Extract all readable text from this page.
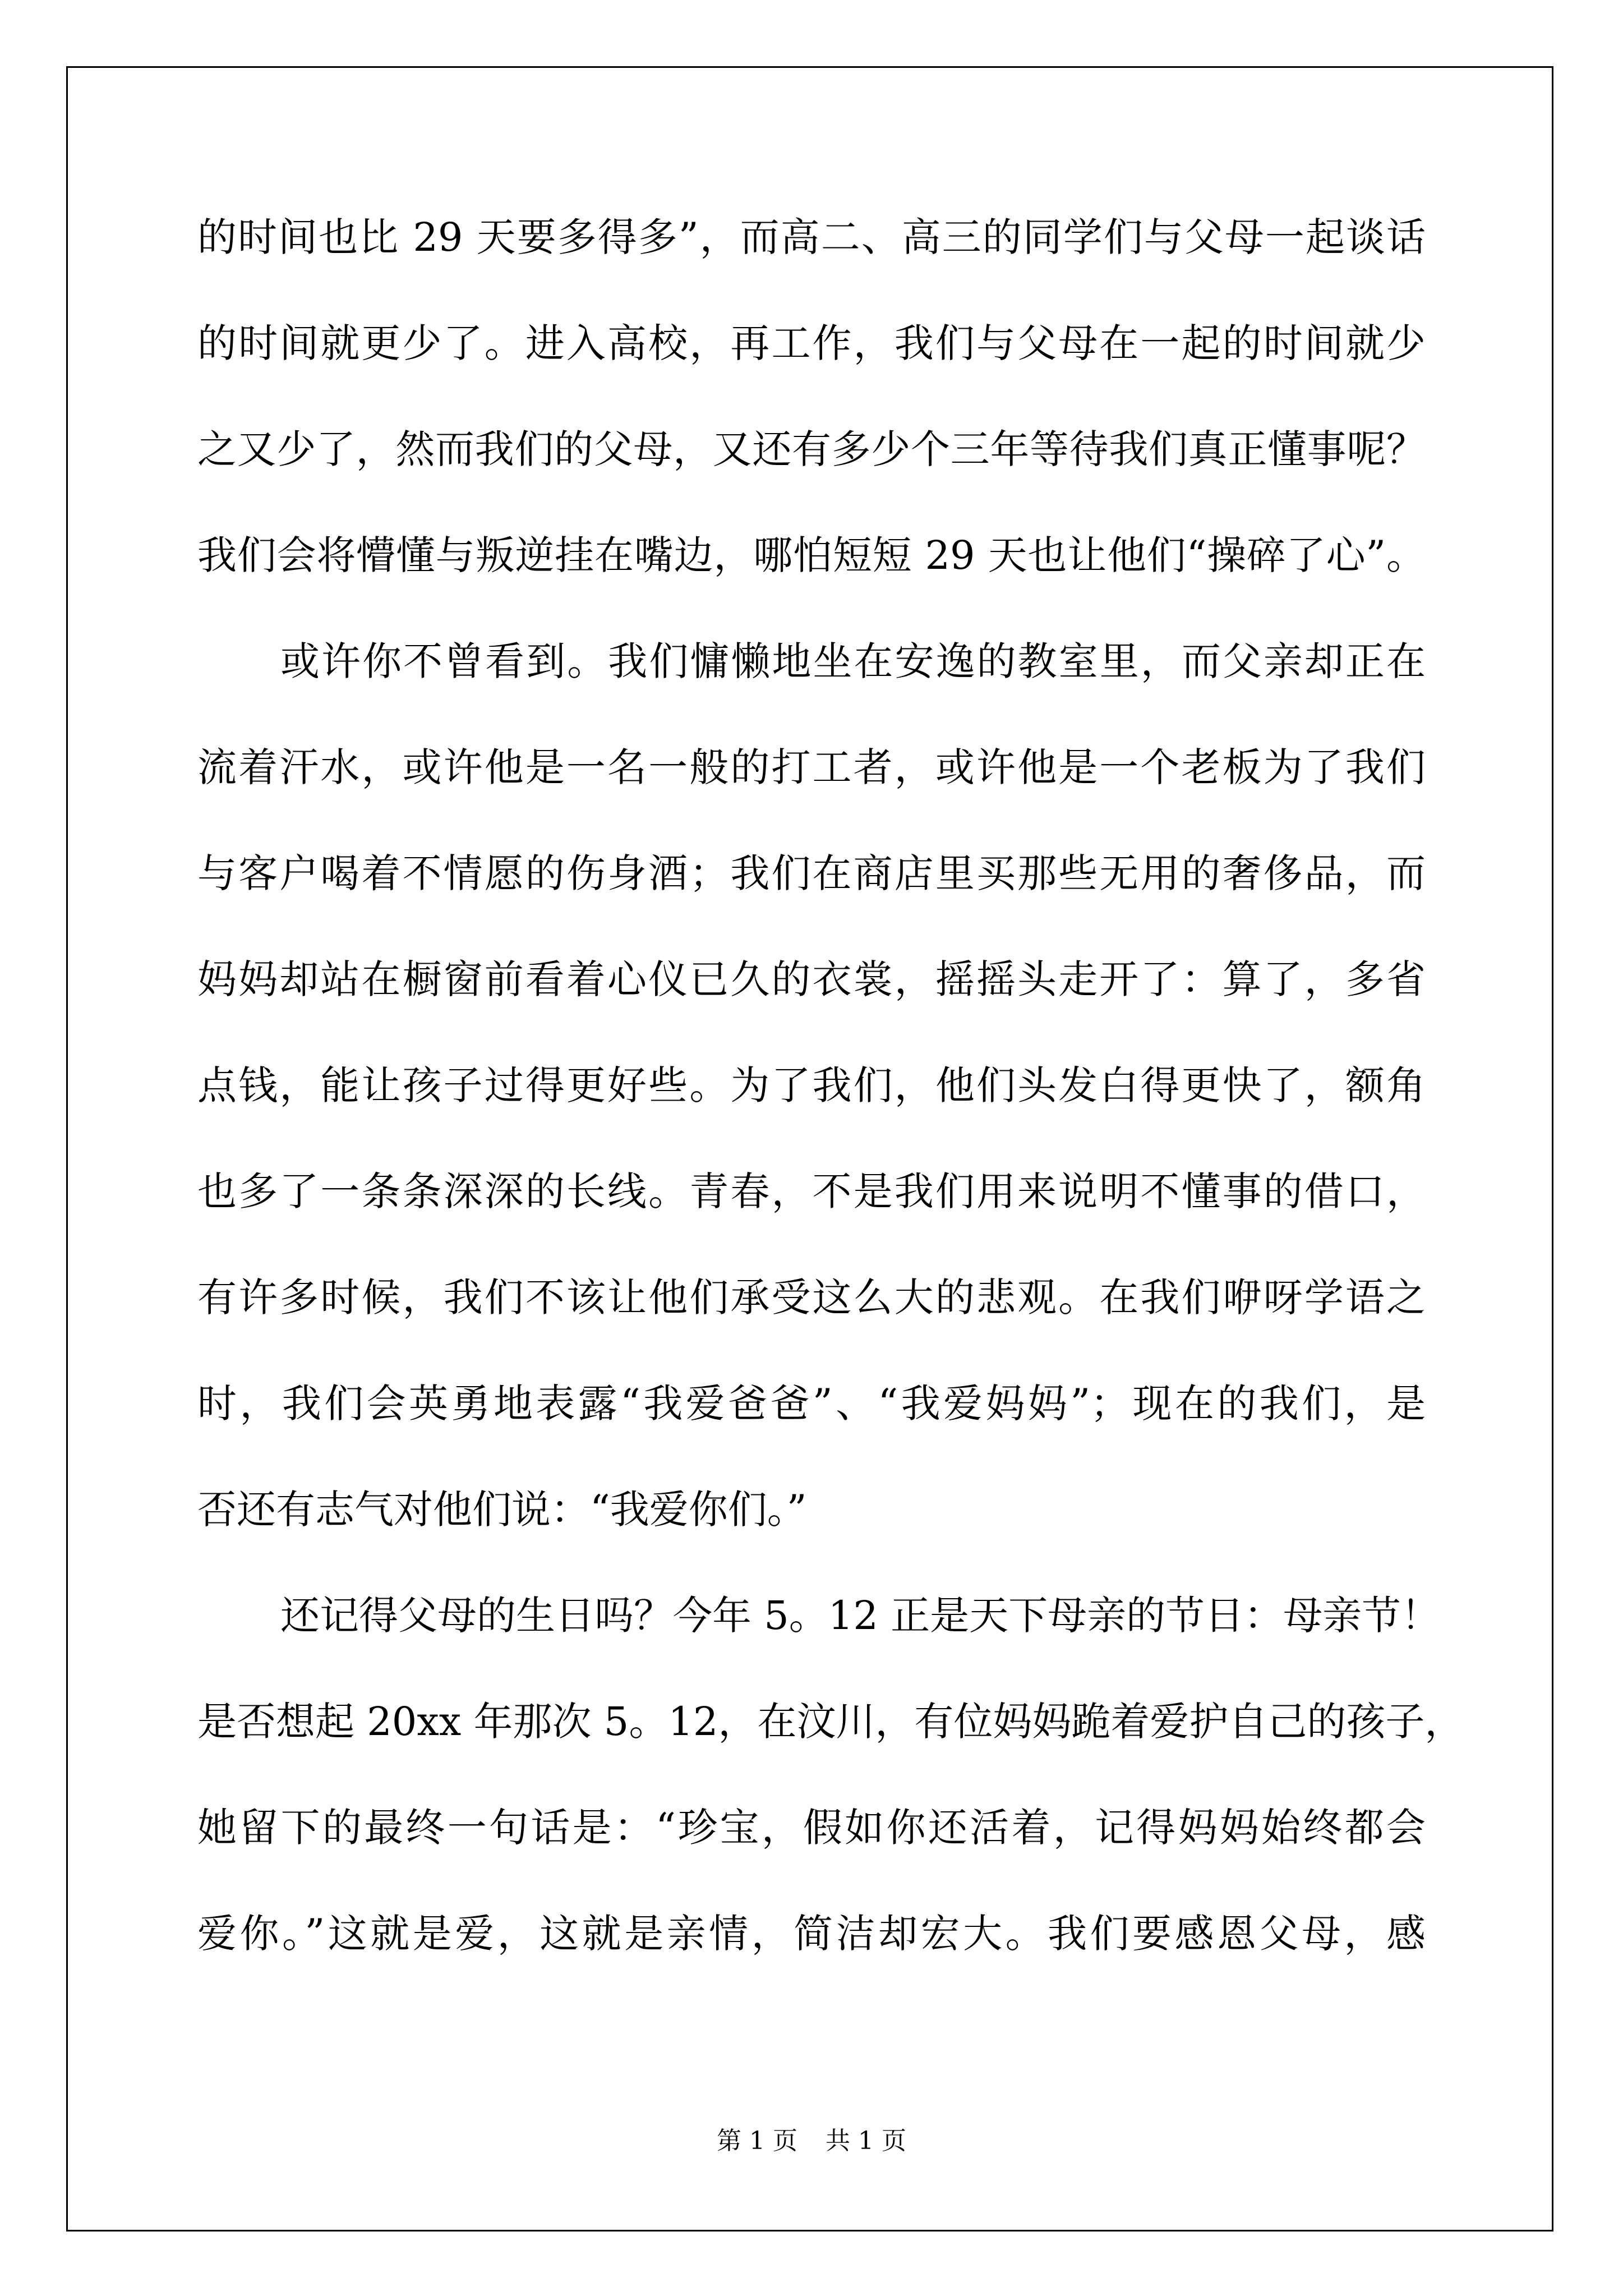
的时间也比 29 天要多得多”，而高二、高三的同学们与父母一起谈话
的时间就更少了。进入高校，再工作，我们与父母在一起的时间就少
之又少了，然而我们的父母，又还有多少个三年等待我们真正懂事呢？
我们会将懵懂与叛逆挂在嘴边，哪怕短短 29 天也让他们“操碎了心”。
或许你不曾看到。我们慵懒地坐在安逸的教室里，而父亲却正在
流着汗水，或许他是一名一般的打工者，或许他是一个老板为了我们
与客户喝着不情愿的伤身酒；我们在商店里买那些无用的奢侈品，而
妈妈却站在橱窗前看着心仪已久的衣裳，摇摇头走开了：算了，多省
点钱，能让孩子过得更好些。为了我们，他们头发白得更快了，额角
也多了一条条深深的长线。青春，不是我们用来说明不懂事的借口，
有许多时候，我们不该让他们承受这么大的悲观。在我们咿呀学语之
时，我们会英勇地表露“我爱爸爸”、“我爱妈妈”；现在的我们，是
否还有志气对他们说：“我爱你们。”
还记得父母的生日吗？今年 5。12 正是天下母亲的节日：母亲节！
是否想起 20xx 年那次 5。12，在汶川，有位妈妈跪着爱护自己的孩子，
她留下的最终一句话是：“珍宝，假如你还活着，记得妈妈始终都会
爱你。”这就是爱，这就是亲情，简洁却宏大。我们要感恩父母，感
第 1 页 共 1 页
